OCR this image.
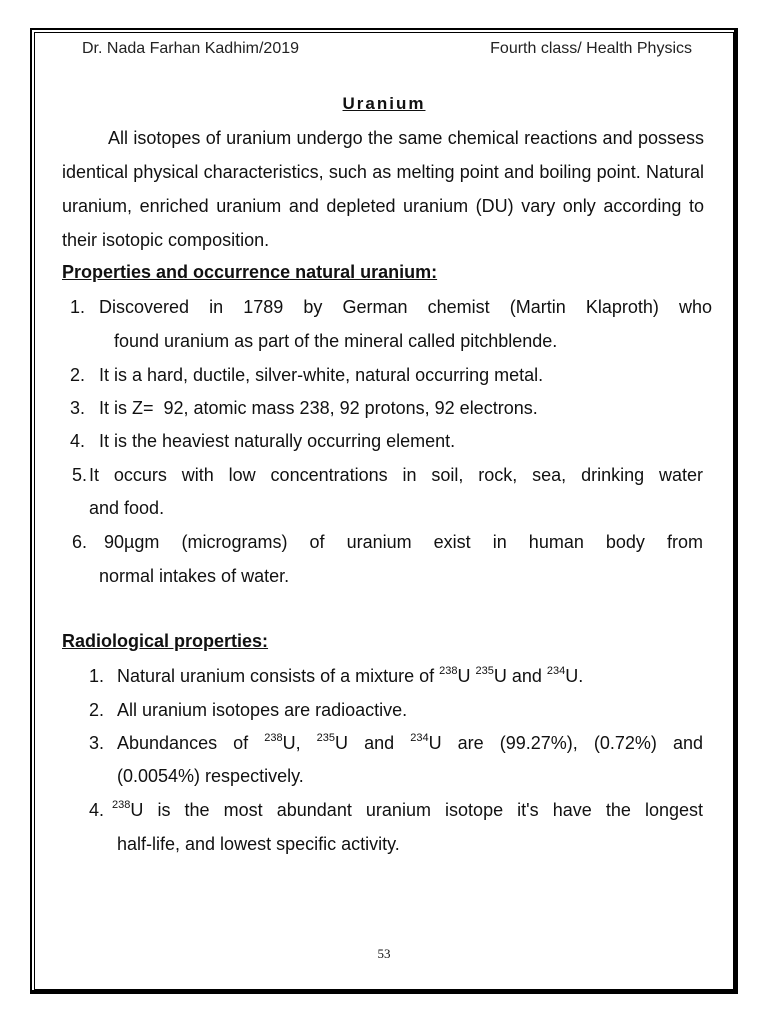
Dr. Nada Farhan Kadhim/2019	Fourth class/ Health Physics
Uranium
All isotopes of uranium undergo the same chemical reactions and possess identical physical characteristics, such as melting point and boiling point. Natural uranium, enriched uranium and depleted uranium (DU) vary only according to their isotopic composition.
Properties and occurrence natural uranium:
1. Discovered in 1789 by German chemist (Martin Klaproth) who
found uranium as part of the mineral called pitchblende.
2. It is a hard, ductile, silver-white, natural occurring metal.
3. It is Z=  92, atomic mass 238, 92 protons, 92 electrons.
4. It is the heaviest naturally occurring element.
5. It occurs with low concentrations in soil, rock, sea, drinking water
and food.
6. 90µgm (micrograms) of uranium exist in human body from
normal intakes of water.
Radiological properties:
1. Natural uranium consists of a mixture of $^{238}$U $^{235}$U and $^{234}$U.
2. All uranium isotopes are radioactive.
3. Abundances of $^{238}$U, $^{235}$U and $^{234}$U are (99.27%), (0.72%) and
(0.0054%) respectively.
4. $^{238}$U is the most abundant uranium isotope it's have the longest
half-life, and lowest specific activity.
53
